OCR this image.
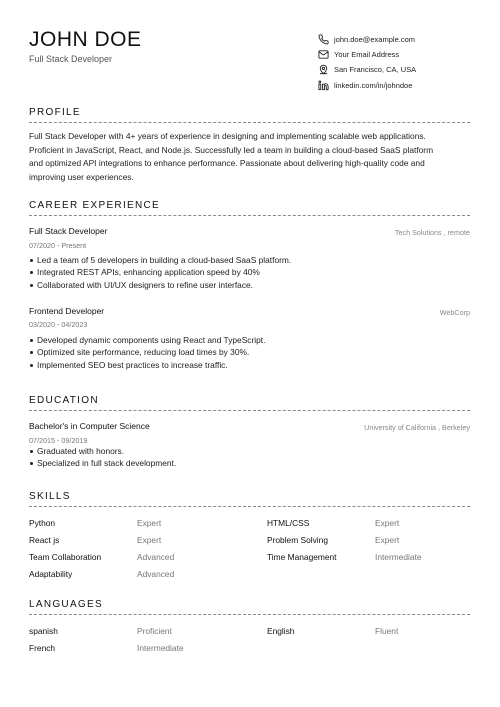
JOHN DOE
Full Stack Developer
john.doe@example.com
Your Email Address
San Francisco, CA, USA
linkedin.com/in/johndoe
PROFILE
Full Stack Developer with 4+ years of experience in designing and implementing scalable web applications.
Proficient in JavaScript, React, and Node.js. Successfully led a team in building a cloud-based SaaS platform
and optimized API integrations to enhance performance. Passionate about delivering high-quality code and
improving user experiences.
CAREER EXPERIENCE
Full Stack Developer	Tech Solutions , remote
07/2020 - Present
Led a team of 5 developers in building a cloud-based SaaS platform.
Integrated REST APIs, enhancing application speed by 40%
Collaborated with UI/UX designers to refine user interface.
Frontend Developer	WebCorp
03/2020 - 04/2023
Developed dynamic components using React and TypeScript.
Optimized site performance, reducing load times by 30%.
Implemented SEO best practices to increase traffic.
EDUCATION
Bachelor's in Computer Science	University of California , Berkeley
07/2015 - 09/2019
Graduated with honors.
Specialized in full stack development.
SKILLS
Python	Expert	HTML/CSS	Expert
React js	Expert	Problem Solving	Expert
Team Collaboration	Advanced	Time Management	Intermediate
Adaptability	Advanced
LANGUAGES
spanish	Proficient	English	Fluent
French	Intermediate
